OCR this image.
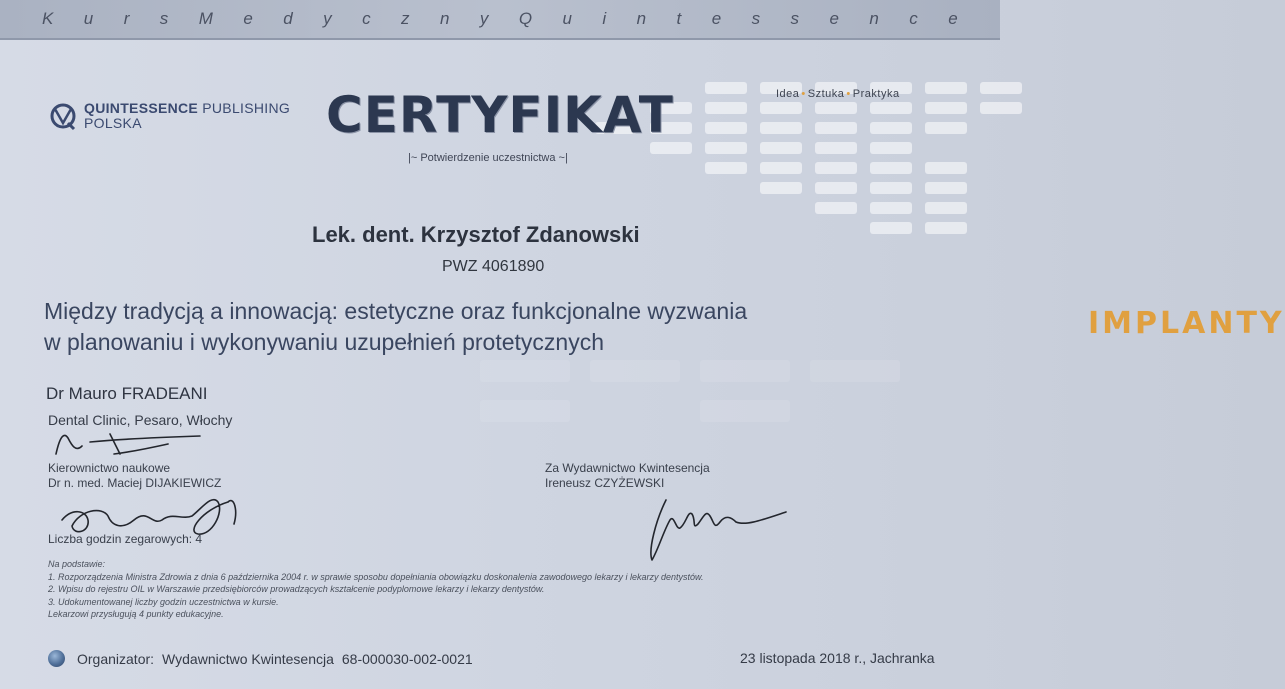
K u r s M e d y c z n y Q u i n t e s s e n c e
QUINTESSENCE PUBLISHING
POLSKA	CERTYFIKAT
|~ Potwierdzenie uczestnictwa ~|
IMPLANTY
Idea • Sztuka • Praktyka
Lek. dent. Krzysztof Zdanowski
PWZ 4061890
Między tradycją a innowacją: estetyczne oraz funkcjonalne wyzwania
w planowaniu i wykonywaniu uzupełnień protetycznych
Dr Mauro FRADEANI
Dental Clinic, Pesaro, Włochy
Kierownictwo naukowe
Dr n. med. Maciej DIJAKIEWICZ
Liczba godzin zegarowych: 4
Za Wydawnictwo Kwintesencja
Ireneusz CZYŻEWSKI
Na podstawie:
1. Rozporządzenia Ministra Zdrowia z dnia 6 października 2004 r. w sprawie sposobu dopełniania obowiązku doskonalenia zawodowego lekarzy i lekarzy dentystów.
2. Wpisu do rejestru OIL w Warszawie przedsiębiorców prowadzących kształcenie podyplomowe lekarzy i lekarzy dentystów.
3. Udokumentowanej liczby godzin uczestnictwa w kursie.
Lekarzowi przysługują 4 punkty edukacyjne.
Organizator: Wydawnictwo Kwintesencja 68-000030-002-0021	23 listopada 2018 r., Jachranka
